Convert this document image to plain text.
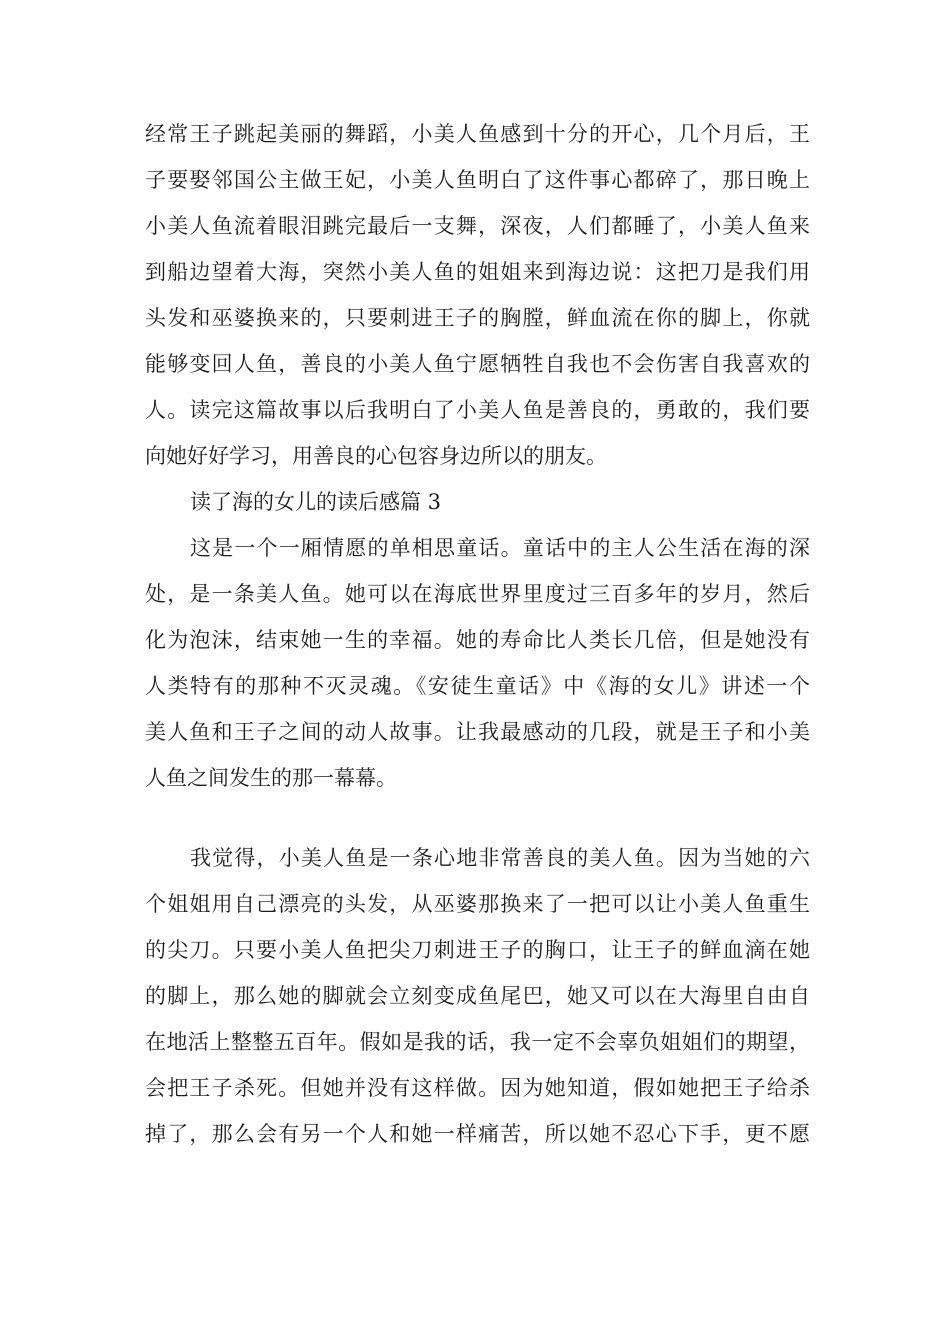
经常王子跳起美丽的舞蹈，小美人鱼感到十分的开心，几个月后，王
子要娶邻国公主做王妃，小美人鱼明白了这件事心都碎了，那日晚上
小美人鱼流着眼泪跳完最后一支舞，深夜，人们都睡了，小美人鱼来
到船边望着大海，突然小美人鱼的姐姐来到海边说：这把刀是我们用
头发和巫婆换来的，只要刺进王子的胸膛，鲜血流在你的脚上，你就
能够变回人鱼，善良的小美人鱼宁愿牺牲自我也不会伤害自我喜欢的
人。读完这篇故事以后我明白了小美人鱼是善良的，勇敢的，我们要
向她好好学习，用善良的心包容身边所以的朋友。
读了海的女儿的读后感篇 3
这是一个一厢情愿的单相思童话。童话中的主人公生活在海的深
处，是一条美人鱼。她可以在海底世界里度过三百多年的岁月，然后
化为泡沫，结束她一生的幸福。她的寿命比人类长几倍，但是她没有
人类特有的那种不灭灵魂。《安徒生童话》中《海的女儿》讲述一个
美人鱼和王子之间的动人故事。让我最感动的几段，就是王子和小美
人鱼之间发生的那一幕幕。
我觉得，小美人鱼是一条心地非常善良的美人鱼。因为当她的六
个姐姐用自己漂亮的头发，从巫婆那换来了一把可以让小美人鱼重生
的尖刀。只要小美人鱼把尖刀刺进王子的胸口，让王子的鲜血滴在她
的脚上，那么她的脚就会立刻变成鱼尾巴，她又可以在大海里自由自
在地活上整整五百年。假如是我的话，我一定不会辜负姐姐们的期望，
会把王子杀死。但她并没有这样做。因为她知道，假如她把王子给杀
掉了，那么会有另一个人和她一样痛苦，所以她不忍心下手，更不愿
